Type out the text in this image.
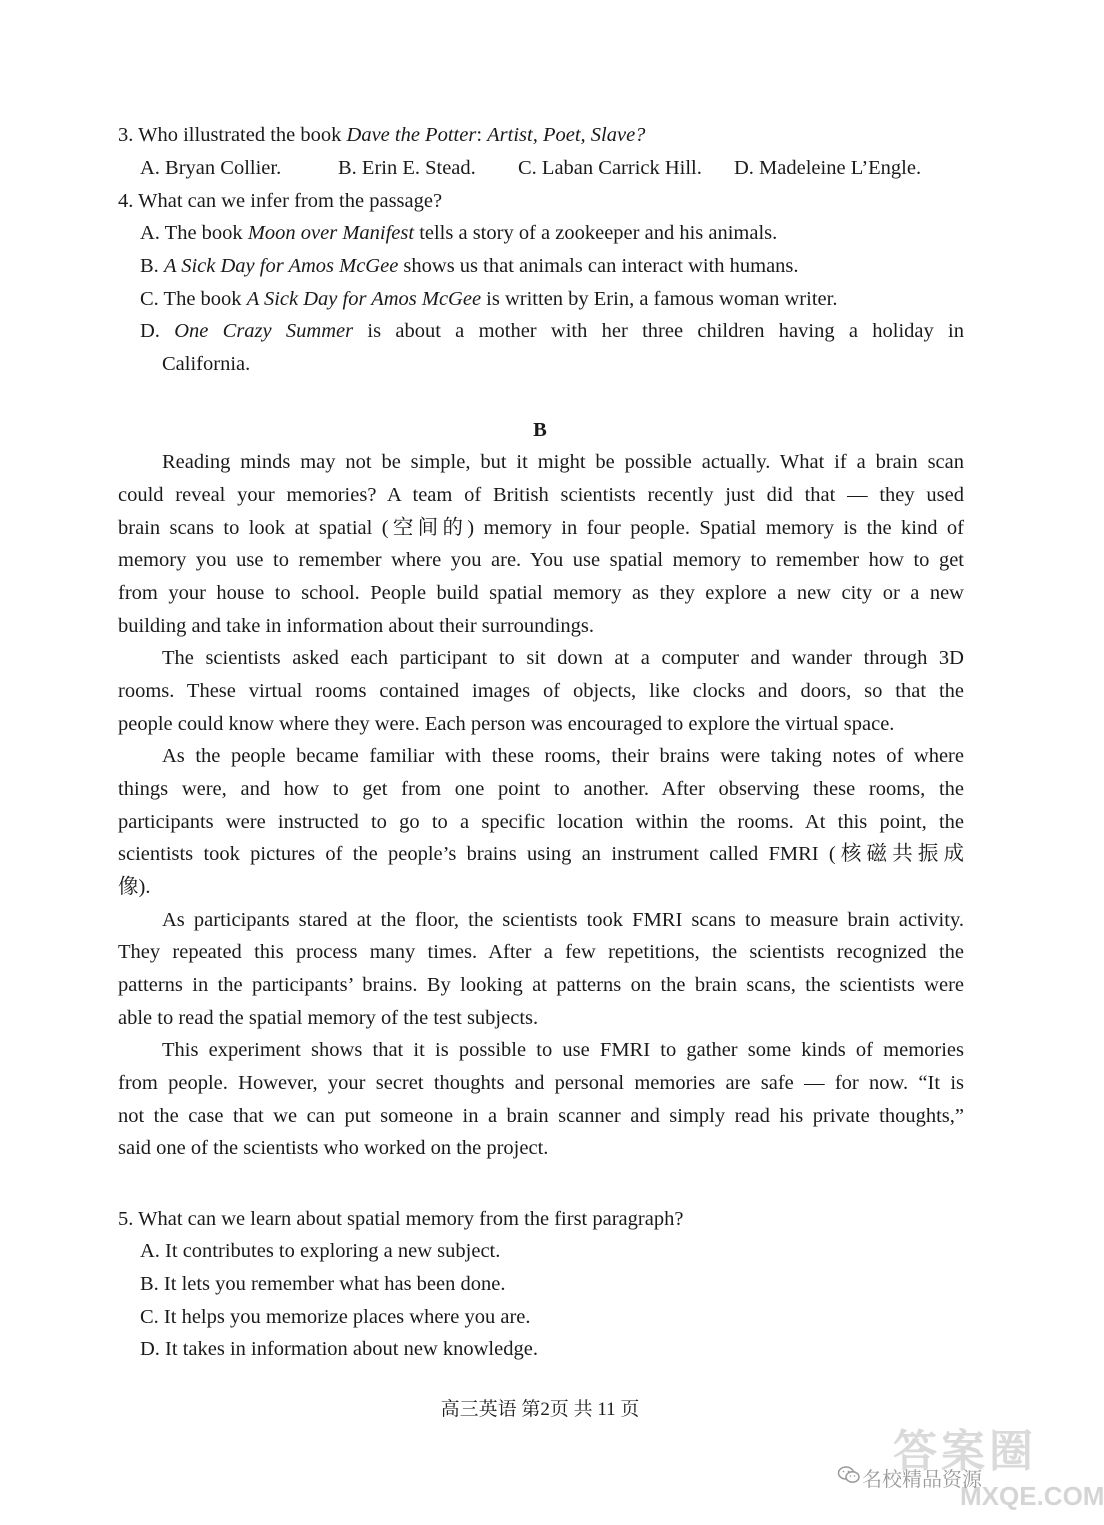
3. Who illustrated the book Dave the Potter: Artist, Poet, Slave?
A. Bryan Collier.	B. Erin E. Stead. C. Laban Carrick Hill. D. Madeleine L’Engle.
4. What can we infer from the passage?
A. The book Moon over Manifest tells a story of a zookeeper and his animals.
B. A Sick Day for Amos McGee shows us that animals can interact with humans.
C. The book A Sick Day for Amos McGee is written by Erin, a famous woman writer.
D. One Crazy Summer is about a mother with her three children having a holiday in
California.
B
Reading minds may not be simple, but it might be possible actually. What if a brain scan
could reveal your memories? A team of British scientists recently just did that — they used
brain scans to look at spatial (空间的) memory in four people. Spatial memory is the kind of
memory you use to remember where you are. You use spatial memory to remember how to get
from your house to school. People build spatial memory as they explore a new city or a new
building and take in information about their surroundings.
The scientists asked each participant to sit down at a computer and wander through 3D
rooms. These virtual rooms contained images of objects, like clocks and doors, so that the
people could know where they were. Each person was encouraged to explore the virtual space.
As the people became familiar with these rooms, their brains were taking notes of where
things were, and how to get from one point to another. After observing these rooms, the
participants were instructed to go to a specific location within the rooms. At this point, the
scientists took pictures of the people’s brains using an instrument called FMRI (核磁共振成
像).
As participants stared at the floor, the scientists took FMRI scans to measure brain activity.
They repeated this process many times. After a few repetitions, the scientists recognized the
patterns in the participants’ brains. By looking at patterns on the brain scans, the scientists were
able to read the spatial memory of the test subjects.
This experiment shows that it is possible to use FMRI to gather some kinds of memories
from people. However, your secret thoughts and personal memories are safe — for now. “It is
not the case that we can put someone in a brain scanner and simply read his private thoughts,”
said one of the scientists who worked on the project.
5. What can we learn about spatial memory from the first paragraph?
A. It contributes to exploring a new subject.
B. It lets you remember what has been done.
C. It helps you memorize places where you are.
D. It takes in information about new knowledge.
高三英语 第2页 共 11 页
答案圈
名校精品资源
MXQE.COM
